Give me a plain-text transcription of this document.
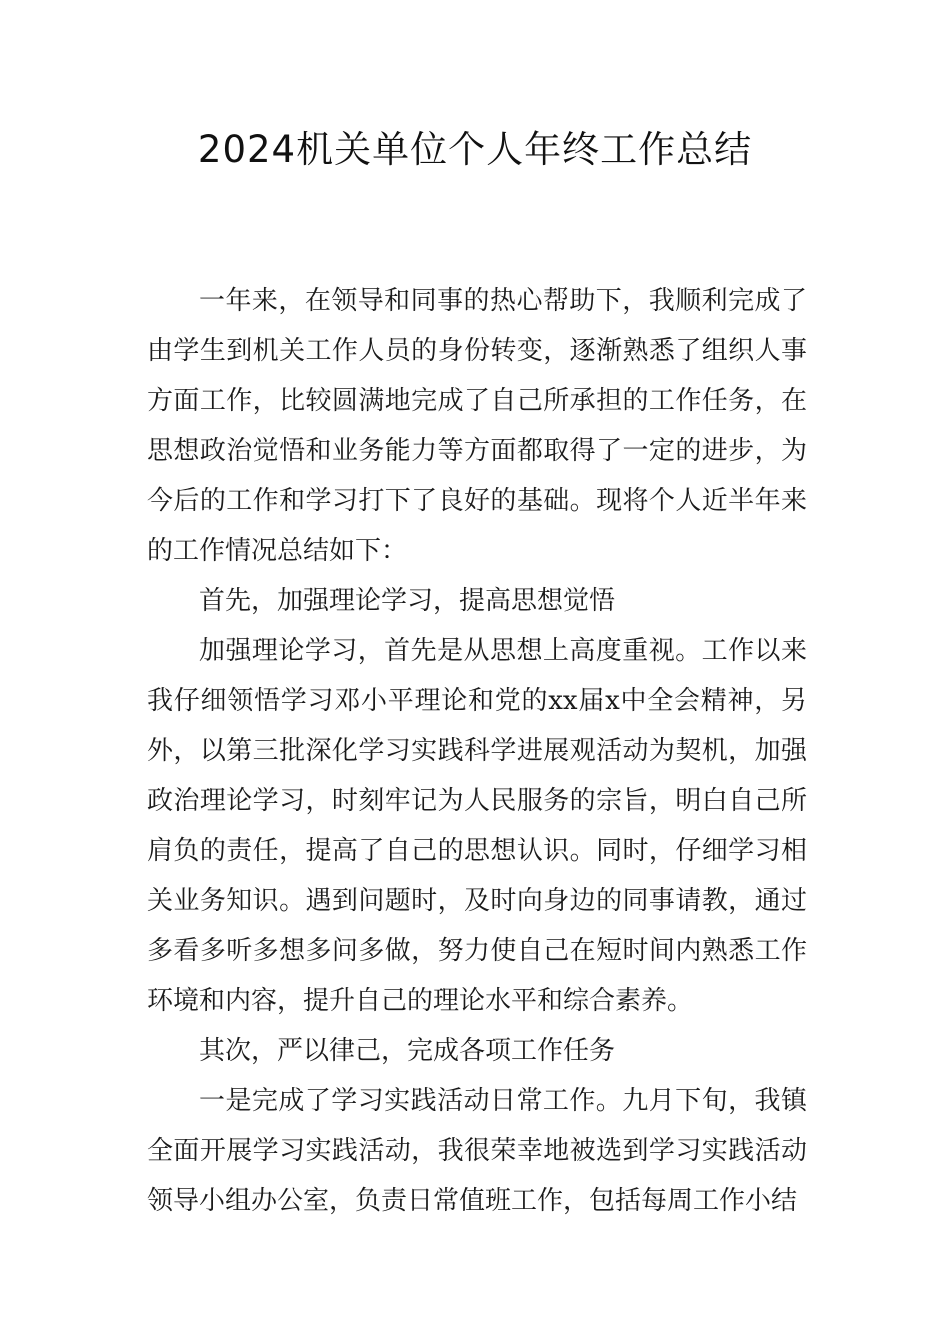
2024机关单位个人年终工作总结

一年来，在领导和同事的热心帮助下，我顺利完成了由学生到机关工作人员的身份转变，逐渐熟悉了组织人事方面工作，比较圆满地完成了自己所承担的工作任务，在思想政治觉悟和业务能力等方面都取得了一定的进步，为今后的工作和学习打下了良好的基础。现将个人近半年来的工作情况总结如下：

首先，加强理论学习，提高思想觉悟

加强理论学习，首先是从思想上高度重视。工作以来我仔细领悟学习邓小平理论和党的xx届x中全会精神，另外，以第三批深化学习实践科学进展观活动为契机，加强政治理论学习，时刻牢记为人民服务的宗旨，明白自己所肩负的责任，提高了自己的思想认识。同时，仔细学习相关业务知识。遇到问题时，及时向身边的同事请教，通过多看多听多想多问多做，努力使自己在短时间内熟悉工作环境和内容，提升自己的理论水平和综合素养。

其次，严以律己，完成各项工作任务

一是完成了学习实践活动日常工作。九月下旬，我镇全面开展学习实践活动，我很荣幸地被选到学习实践活动领导小组办公室，负责日常值班工作，包括每周工作小结
